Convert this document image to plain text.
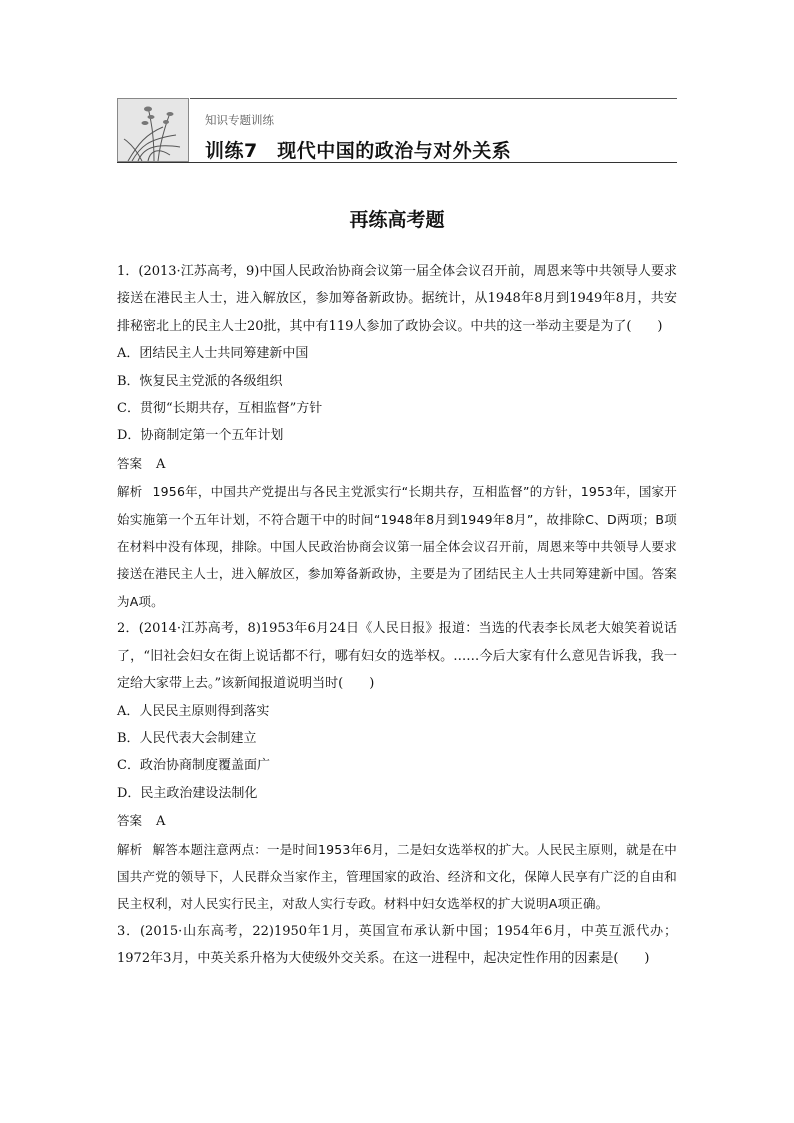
知识专题训练
训练7　现代中国的政治与对外关系
再练高考题

1．(2013·江苏高考，9)中国人民政治协商会议第一届全体会议召开前，周恩来等中共领导人要求接送在港民主人士，进入解放区，参加筹备新政协。据统计，从1948年8月到1949年8月，共安排秘密北上的民主人士20批，其中有119人参加了政协会议。中共的这一举动主要是为了(　　)

A．团结民主人士共同筹建新中国

B．恢复民主党派的各级组织

C．贯彻“长期共存，互相监督”方针

D．协商制定第一个五年计划

答案 A

解析 1956年，中国共产党提出与各民主党派实行“长期共存，互相监督”的方针，1953年，国家开始实施第一个五年计划，不符合题干中的时间“1948年8月到1949年8月”，故排除C、D两项；B项在材料中没有体现，排除。中国人民政治协商会议第一届全体会议召开前，周恩来等中共领导人要求接送在港民主人士，进入解放区，参加筹备新政协，主要是为了团结民主人士共同筹建新中国。答案为A项。

2．(2014·江苏高考，8)1953年6月24日《人民日报》报道：当选的代表李长凤老大娘笑着说话了，“旧社会妇女在街上说话都不行，哪有妇女的选举权。……今后大家有什么意见告诉我，我一定给大家带上去。”该新闻报道说明当时(　　)

A．人民民主原则得到落实

B．人民代表大会制建立

C．政治协商制度覆盖面广

D．民主政治建设法制化

答案 A

解析 解答本题注意两点：一是时间1953年6月，二是妇女选举权的扩大。人民民主原则，就是在中国共产党的领导下，人民群众当家作主，管理国家的政治、经济和文化，保障人民享有广泛的自由和民主权利，对人民实行民主，对敌人实行专政。材料中妇女选举权的扩大说明A项正确。

3．(2015·山东高考，22)1950年1月，英国宣布承认新中国；1954年6月，中英互派代办；1972年3月，中英关系升格为大使级外交关系。在这一进程中，起决定性作用的因素是(　　)
